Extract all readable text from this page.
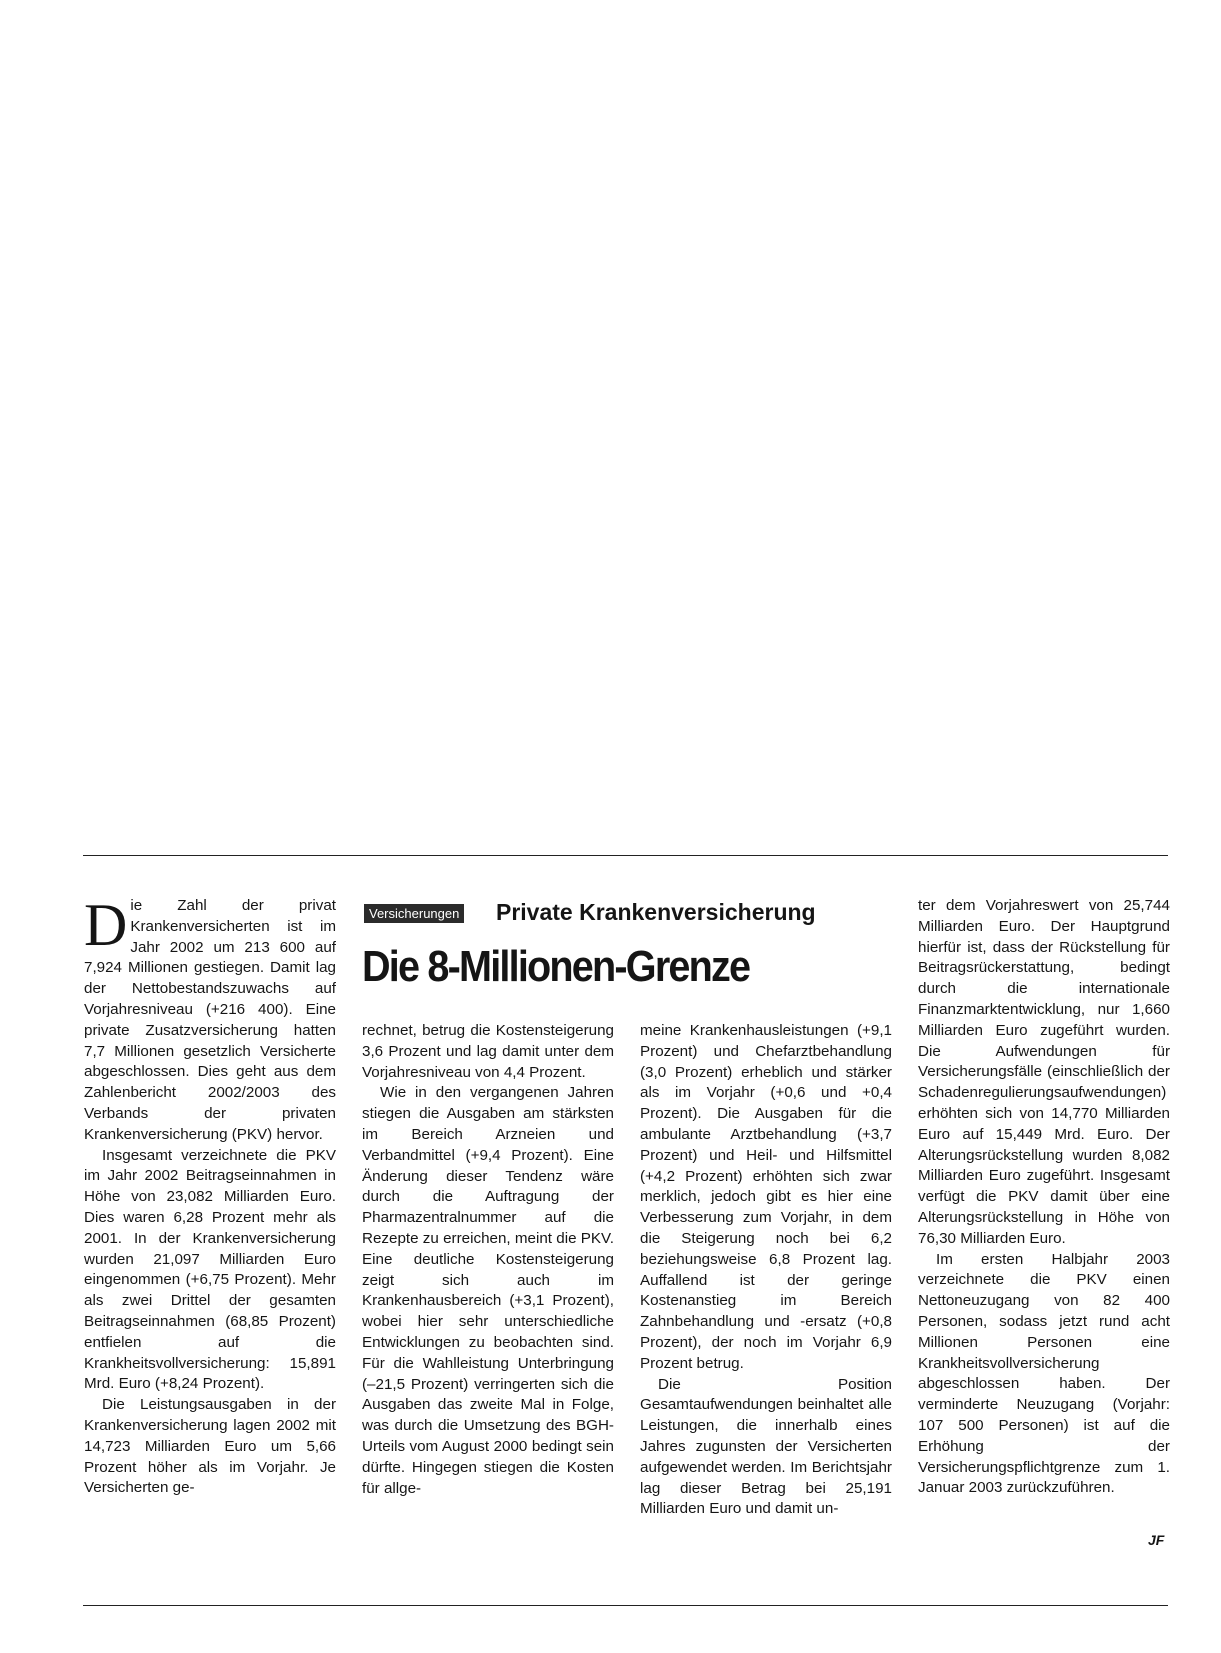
Die Zahl der privat Krankenversicherten ist im Jahr 2002 um 213 600 auf 7,924 Millionen gestiegen. Damit lag der Nettobestandszuwachs auf Vorjahresniveau (+216 400). Eine private Zusatzversicherung hatten 7,7 Millionen gesetzlich Versicherte abgeschlossen. Dies geht aus dem Zahlenbericht 2002/2003 des Verbands der privaten Krankenversicherung (PKV) hervor.

Insgesamt verzeichnete die PKV im Jahr 2002 Beitragseinnahmen in Höhe von 23,082 Milliarden Euro. Dies waren 6,28 Prozent mehr als 2001. In der Krankenversicherung wurden 21,097 Milliarden Euro eingenommen (+6,75 Prozent). Mehr als zwei Drittel der gesamten Beitragseinnahmen (68,85 Prozent) entfielen auf die Krankheitsvollversicherung: 15,891 Mrd. Euro (+8,24 Prozent).

Die Leistungsausgaben in der Krankenversicherung lagen 2002 mit 14,723 Milliarden Euro um 5,66 Prozent höher als im Vorjahr. Je Versicherten ge-

Versicherungen Private Krankenversicherung
Die 8-Millionen-Grenze

rechnet, betrug die Kostensteigerung 3,6 Prozent und lag damit unter dem Vorjahresniveau von 4,4 Prozent.

Wie in den vergangenen Jahren stiegen die Ausgaben am stärksten im Bereich Arzneien und Verbandmittel (+9,4 Prozent). Eine Änderung dieser Tendenz wäre durch die Auftragung der Pharmazentralnummer auf die Rezepte zu erreichen, meint die PKV. Eine deutliche Kostensteigerung zeigt sich auch im Krankenhausbereich (+3,1 Prozent), wobei hier sehr unterschiedliche Entwicklungen zu beobachten sind. Für die Wahlleistung Unterbringung (–21,5 Prozent) verringerten sich die Ausgaben das zweite Mal in Folge, was durch die Umsetzung des BGH-Urteils vom August 2000 bedingt sein dürfte. Hingegen stiegen die Kosten für allge-

meine Krankenhausleistungen (+9,1 Prozent) und Chefarztbehandlung (3,0 Prozent) erheblich und stärker als im Vorjahr (+0,6 und +0,4 Prozent). Die Ausgaben für die ambulante Arztbehandlung (+3,7 Prozent) und Heil- und Hilfsmittel (+4,2 Prozent) erhöhten sich zwar merklich, jedoch gibt es hier eine Verbesserung zum Vorjahr, in dem die Steigerung noch bei 6,2 beziehungsweise 6,8 Prozent lag. Auffallend ist der geringe Kostenanstieg im Bereich Zahnbehandlung und -ersatz (+0,8 Prozent), der noch im Vorjahr 6,9 Prozent betrug.

Die Position Gesamtaufwendungen beinhaltet alle Leistungen, die innerhalb eines Jahres zugunsten der Versicherten aufgewendet werden. Im Berichtsjahr lag dieser Betrag bei 25,191 Milliarden Euro und damit un-

ter dem Vorjahreswert von 25,744 Milliarden Euro. Der Hauptgrund hierfür ist, dass der Rückstellung für Beitragsrückerstattung, bedingt durch die internationale Finanzmarktentwicklung, nur 1,660 Milliarden Euro zugeführt wurden. Die Aufwendungen für Versicherungsfälle (einschließlich der Schadenregulierungsaufwendungen) erhöhten sich von 14,770 Milliarden Euro auf 15,449 Mrd. Euro. Der Alterungsrückstellung wurden 8,082 Milliarden Euro zugeführt. Insgesamt verfügt die PKV damit über eine Alterungsrückstellung in Höhe von 76,30 Milliarden Euro.

Im ersten Halbjahr 2003 verzeichnete die PKV einen Nettoneuzugang von 82 400 Personen, sodass jetzt rund acht Millionen Personen eine Krankheitsvollversicherung abgeschlossen haben. Der verminderte Neuzugang (Vorjahr: 107 500 Personen) ist auf die Erhöhung der Versicherungspflichtgrenze zum 1. Januar 2003 zurückzuführen.

JF
